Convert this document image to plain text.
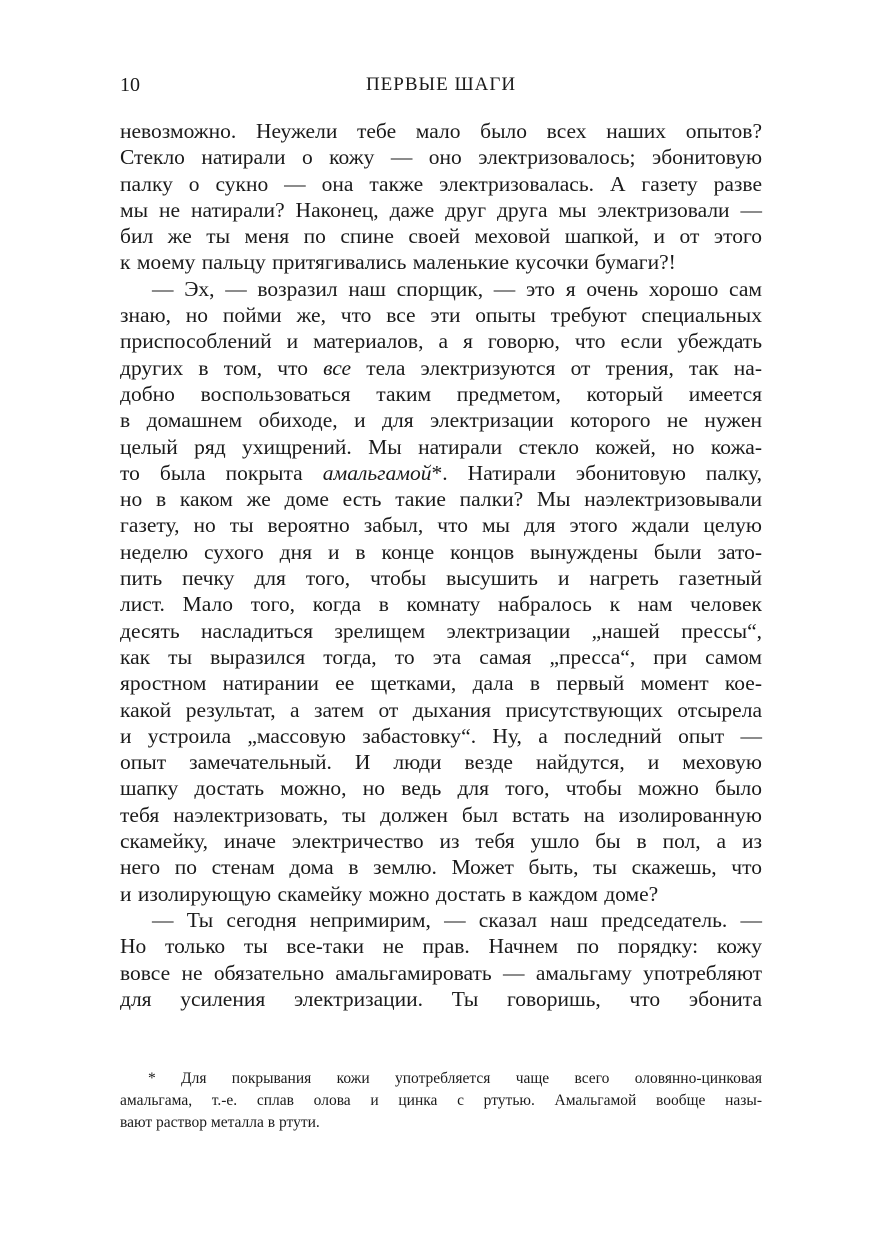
10	ПЕРВЫЕ ШАГИ
невозможно. Неужели тебе мало было всех наших опытов?
Стекло натирали о кожу — оно электризовалось; эбонитовую
палку о сукно — она также электризовалась. А газету разве
мы не натирали? Наконец, даже друг друга мы электризовали —
бил же ты меня по спине своей меховой шапкой, и от этого
к моему пальцу притягивались маленькие кусочки бумаги?!
— Эх, — возразил наш спорщик, — это я очень хорошо сам
знаю, но пойми же, что все эти опыты требуют специальных
приспособлений и материалов, а я говорю, что если убеждать
других в том, что все тела электризуются от трения, так на-
добно воспользоваться таким предметом, который имеется
в домашнем обиходе, и для электризации которого не нужен
целый ряд ухищрений. Мы натирали стекло кожей, но кожа-
то была покрыта амальгамой*. Натирали эбонитовую палку,
но в каком же доме есть такие палки? Мы наэлектризовывали
газету, но ты вероятно забыл, что мы для этого ждали целую
неделю сухого дня и в конце концов вынуждены были зато-
пить печку для того, чтобы высушить и нагреть газетный
лист. Мало того, когда в комнату набралось к нам человек
десять насладиться зрелищем электризации „нашей прессы“,
как ты выразился тогда, то эта самая „пресса“, при самом
яростном натирании ее щетками, дала в первый момент кое-
какой результат, а затем от дыхания присутствующих отсырела
и устроила „массовую забастовку“. Ну, а последний опыт —
опыт замечательный. И люди везде найдутся, и меховую
шапку достать можно, но ведь для того, чтобы можно было
тебя наэлектризовать, ты должен был встать на изолированную
скамейку, иначе электричество из тебя ушло бы в пол, а из
него по стенам дома в землю. Может быть, ты скажешь, что
и изолирующую скамейку можно достать в каждом доме?
— Ты сегодня непримирим, — сказал наш председатель. —
Но только ты все-таки не прав. Начнем по порядку: кожу
вовсе не обязательно амальгамировать — амальгаму употребляют
для усиления электризации. Ты говоришь, что эбонита
* Для покрывания кожи употребляется чаще всего оловянно-цинковая
амальгама, т.-е. сплав олова и цинка с ртутью. Амальгамой вообще назы-
вают раствор металла в ртути.
